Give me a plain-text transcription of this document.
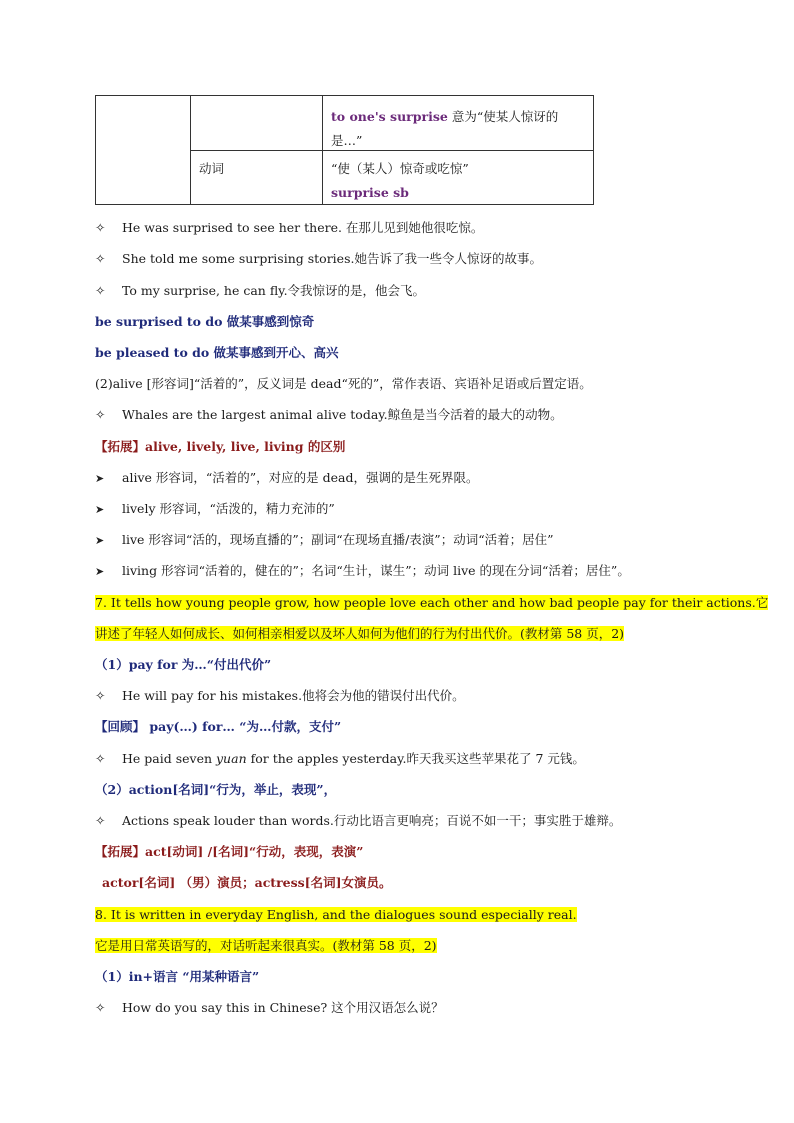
		to one's surprise 意为“使某人惊讶的是…”

	动词	“使（某人）惊奇或吃惊”
surprise sb
✧ He was surprised to see her there. 在那儿见到她他很吃惊。
✧ She told me some surprising stories.她告诉了我一些令人惊讶的故事。
✧ To my surprise, he can fly.令我惊讶的是，他会飞。
be surprised to do 做某事感到惊奇
be pleased to do 做某事感到开心、高兴
(2)alive [形容词]“活着的”，反义词是 dead“死的”，常作表语、宾语补足语或后置定语。
✧ Whales are the largest animal alive today.鲸鱼是当今活着的最大的动物。
【拓展】alive, lively, live, living 的区别
➤ alive 形容词，“活着的”，对应的是 dead，强调的是生死界限。
➤ lively 形容词，“活泼的，精力充沛的”
➤ live 形容词“活的，现场直播的”；副词“在现场直播/表演”；动词“活着；居住”
➤ living 形容词“活着的，健在的”；名词“生计，谋生”；动词 live 的现在分词“活着；居住”。
7. It tells how young people grow, how people love each other and how bad people pay for their actions.它
讲述了年轻人如何成长、如何相亲相爱以及坏人如何为他们的行为付出代价。(教材第 58 页，2)
（1）pay for 为…“付出代价”
✧ He will pay for his mistakes.他将会为他的错误付出代价。
【回顾】 pay(…) for… “为…付款，支付”
✧ He paid seven yuan for the apples yesterday.昨天我买这些苹果花了 7 元钱。
（2）action[名词]“行为，举止，表现”，
✧ Actions speak louder than words.行动比语言更响亮；百说不如一干；事实胜于雄辩。
【拓展】act[动词] /[名词]“行动，表现，表演”
actor[名词] （男）演员；actress[名词]女演员。
8. It is written in everyday English, and the dialogues sound especially real.
它是用日常英语写的，对话听起来很真实。(教材第 58 页，2)
（1）in+语言 “用某种语言”
✧ How do you say this in Chinese? 这个用汉语怎么说？
